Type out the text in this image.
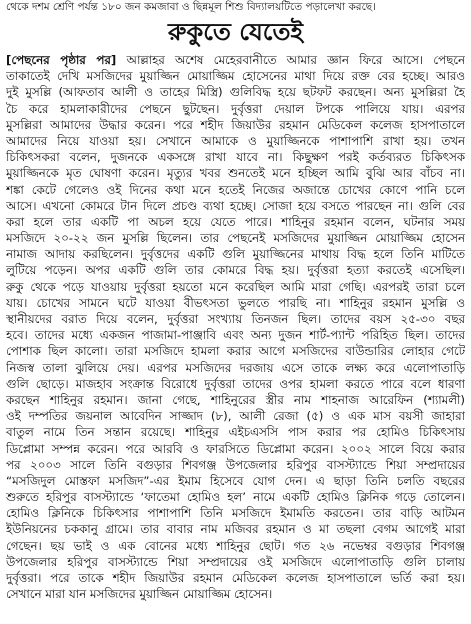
থেকে দশম শ্রেণি পর্যন্ত ১৮০ জন কমজাবা ও ছিন্নমূল শিশু বিদ্যালয়টিতে পড়ালেখা করছে।
রুকুতে যেতেই
[পেছনের পৃষ্ঠার পর] আল্লাহর অশেষ মেহেরবানীতে আমার জ্ঞান ফিরে আসে। পেছনে
তাকাতেই দেখি মসজিদের মুয়াজ্জিন মোয়াজ্জিম হোসেনের মাথা দিয়ে রক্ত বের হচ্ছে। আরও
দুই মুসল্লি (আফতাব আলী ও তাহের মিস্ত্রি) গুলিবিদ্ধ হয়ে ছটফট করছেন। অন্য মুসল্লিরা হৈ
চৈ করে হামলাকারীদের পেছনে ছুটছেন। দুর্বৃত্তরা দেয়াল টপকে পালিয়ে যায়। এরপর
মুসল্লিরা আমাদের উদ্ধার করেন। পরে শহীদ জিয়াউর রহমান মেডিকেল কলেজ হাসপাতালে
আমাদের নিয়ে যাওয়া হয়। সেখানে আমাকে ও মুয়াজ্জিনকে পাশাপাশি রাখা হয়। তখন
চিকিৎসকরা বলেন, দুজনকে একসঙ্গে রাখা যাবে না। কিছুক্ষণ পরই কর্তব্যরত চিকিৎসক
মুয়াজ্জিনকে মৃত ঘোষণা করেন। মৃত্যুর খবর শুনতেই মনে হচ্ছিল আমি বুঝি আর বাঁচব না।
শঙ্কা কেটে গেলেও ওই দিনের কথা মনে হতেই নিজের অজান্তে চোখের কোণে পানি চলে
আসে। এখনো কোমরে টান দিলে প্রচণ্ড ব্যথা হচ্ছে। সোজা হয়ে বসতে পারছেন না। গুলি বের
করা হলে তার একটি পা অচল হয়ে যেতে পারে। শাহিনুর রহমান বলেন, ঘটনার সময়
মসজিদে ২০-২২ জন মুসল্লি ছিলেন। তার পেছনেই মসজিদের মুয়াজ্জিন মোয়াজ্জিম হোসেন
নামাজ আদায় করছিলেন। দুর্বৃত্তদের একটি গুলি মুয়াজ্জিনের মাথায় বিদ্ধ হলে তিনি মাটিতে
লুটিয়ে পড়েন। অপর একটি গুলি তার কোমরে বিদ্ধ হয়। দুর্বৃত্তরা হত্যা করতেই এসেছিল।
রুকু থেকে পড়ে যাওয়ায় দুর্বৃত্তরা হয়তো মনে করেছিল আমি মারা গেছি। এরপরই তারা চলে
যায়। চোখের সামনে ঘটে যাওয়া বীভৎসতা ভুলতে পারছি না। শাহিনুর রহমান মুসল্লি ও
স্থানীয়দের বরাত দিয়ে বলেন, দুর্বৃত্তরা সংখ্যায় তিনজন ছিল। তাদের বয়স ২৫-৩০ বছর
হবে। তাদের মধ্যে একজন পাজামা-পাঞ্জাবি এবং অন্য দুজন শার্ট-প্যান্ট পরিহিত ছিল। তাদের
পোশাক ছিল কালো। তারা মসজিদে হামলা করার আগে মসজিদের বাউন্ডারির লোহার গেটে
নিজস্ব তালা ঝুলিয়ে দেয়। এরপর মসজিদের দরজায় এসে তাকে লক্ষ্য করে এলোপাতাড়ি
গুলি ছোড়ে। মাজহাব সংক্রান্ত বিরোধে দুর্বৃত্তরা তাদের ওপর হামলা করতে পারে বলে ধারণা
করছেন শাহিনুর রহমান। জানা গেছে, শাহিনুরের স্ত্রীর নাম শাহনাজ আরেফিন (শ্যামলী)
ওই দম্পতির জয়নাল আবেদিন সাজ্জাদ (৮), আলী রেজা (৫) ও এক মাস বয়সী জাহারা
বাতুল নামে তিন সন্তান রয়েছে। শাহিনুর এইচএসসি পাস করার পর হোমিও চিকিৎসায়
ডিপ্লোমা সম্পন্ন করেন। পরে আরবি ও ফারসিতে ডিপ্লোমা করেন। ২০০২ সালে বিয়ে করার
পর ২০০৩ সালে তিনি বগুড়ার শিবগঞ্জ উপজেলার হরিপুর বাসস্ট্যান্ডে শিয়া সম্প্রদায়ের
“মসজিদুল মোস্তফা মসজিদ”-এর ইমাম হিসেবে যোগ দেন। এ ছাড়া তিনি চলতি বছরের
শুরুতে হরিপুর বাসস্ট্যান্ডে ‘ফাতেমা হোমিও হল’ নামে একটি হোমিও ক্লিনিক গড়ে তোলেন।
হোমিও ক্লিনিকে চিকিৎসার পাশাপাশি তিনি মসজিদে ইমামতি করতেন। তার বাড়ি আটমন
ইউনিয়নের চককানু গ্রামে। তার বাবার নাম মজিবর রহমান ও মা তছলা বেগম আগেই মারা
গেছেন। ছয় ভাই ও এক বোনের মধ্যে শাহিনুর ছোট। গত ২৬ নভেম্বর বগুড়ার শিবগঞ্জ
উপজেলার হরিপুর বাসস্ট্যান্ডে শিয়া সম্প্রদায়ের ওই মসজিদে এলোপাতাড়ি গুলি চালায়
দুর্বৃত্তরা। পরে তাকে শহীদ জিয়াউর রহমান মেডিকেল কলেজ হাসপাতালে ভর্তি করা হয়।
সেখানে মারা যান মসজিদের মুয়াজ্জিন মোয়াজ্জিম হোসেন।
